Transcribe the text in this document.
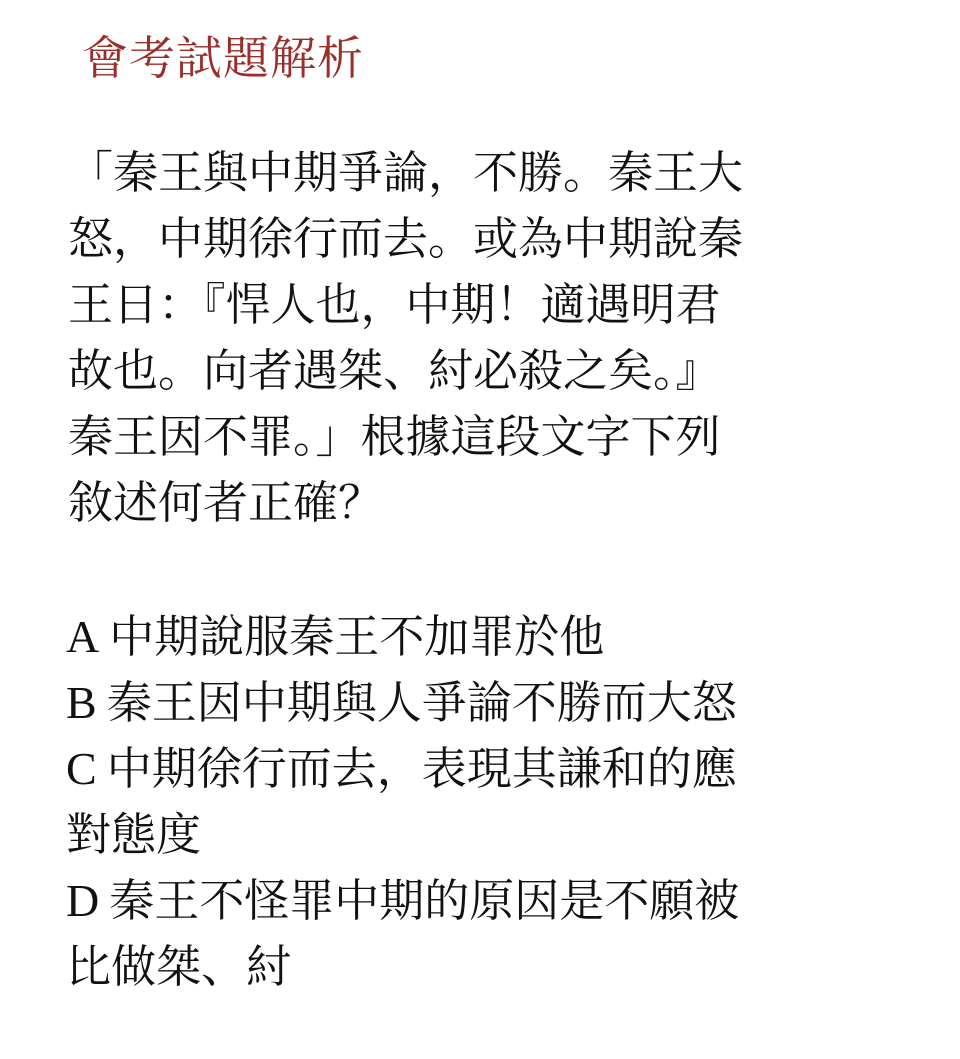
會考試題解析
「秦王與中期爭論，不勝。秦王大
怒，中期徐行而去。或為中期說秦
王日：『悍人也，中期！適遇明君
故也。向者遇桀、紂必殺之矣。』
秦王因不罪。」根據這段文字下列
敘述何者正確？
A 中期說服秦王不加罪於他
B 秦王因中期與人爭論不勝而大怒
C 中期徐行而去，表現其謙和的應
對態度
D 秦王不怪罪中期的原因是不願被
比做桀、紂
